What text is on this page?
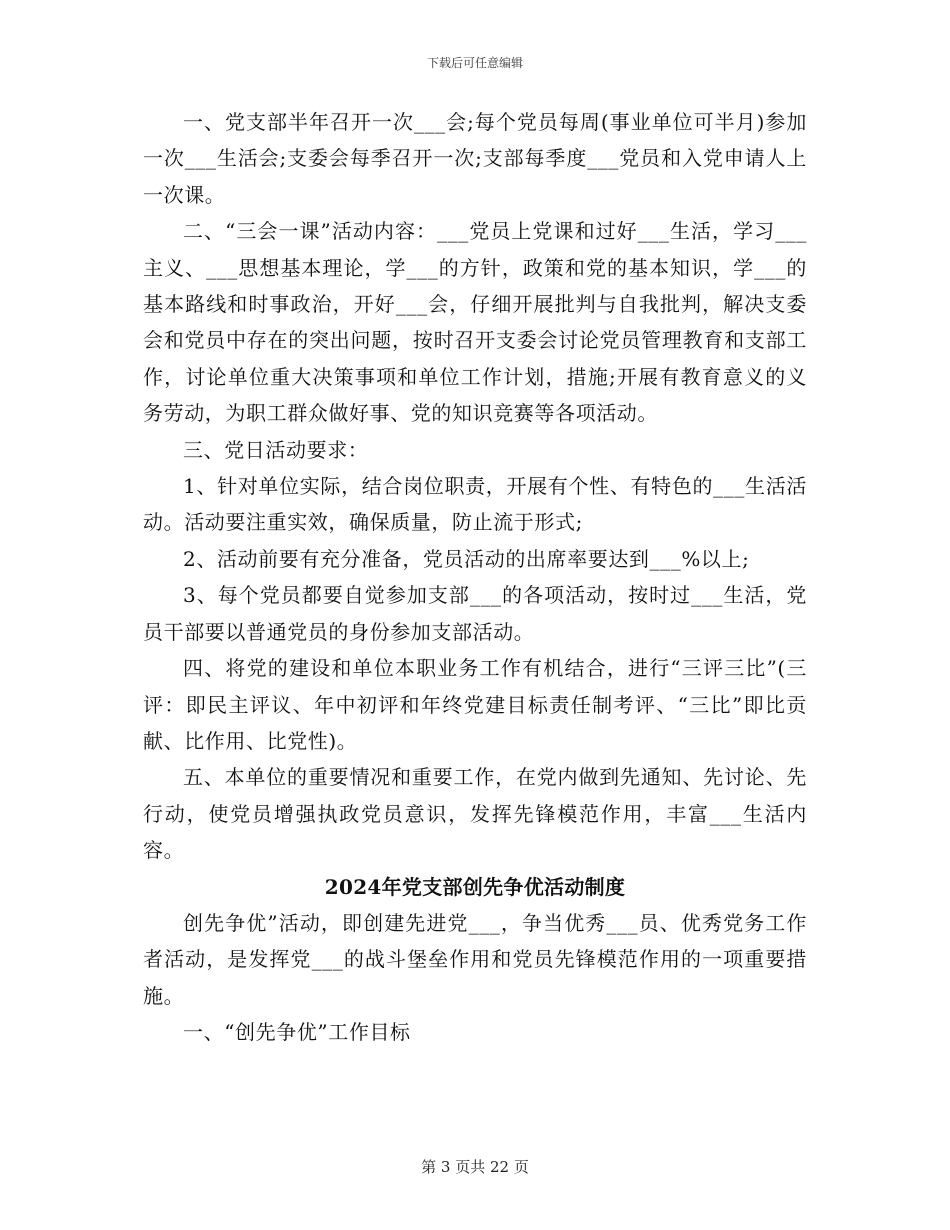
下载后可任意编辑

一、党支部半年召开一次___会;每个党员每周(事业单位可半月)参加一次___生活会;支委会每季召开一次;支部每季度___党员和入党申请人上一次课。

二、“三会一课”活动内容：___党员上党课和过好___生活，学习___主义、___思想基本理论，学___的方针，政策和党的基本知识，学___的基本路线和时事政治，开好___会，仔细开展批判与自我批判，解决支委会和党员中存在的突出问题，按时召开支委会讨论党员管理教育和支部工作，讨论单位重大决策事项和单位工作计划，措施;开展有教育意义的义务劳动，为职工群众做好事、党的知识竞赛等各项活动。

三、党日活动要求：

1、针对单位实际，结合岗位职责，开展有个性、有特色的___生活活动。活动要注重实效，确保质量，防止流于形式;

2、活动前要有充分准备，党员活动的出席率要达到___%以上;

3、每个党员都要自觉参加支部___的各项活动，按时过___生活，党员干部要以普通党员的身份参加支部活动。

四、将党的建设和单位本职业务工作有机结合，进行“三评三比”(三评：即民主评议、年中初评和年终党建目标责任制考评、“三比”即比贡献、比作用、比党性)。

五、本单位的重要情况和重要工作，在党内做到先通知、先讨论、先行动，使党员增强执政党员意识，发挥先锋模范作用，丰富___生活内容。

2024年党支部创先争优活动制度

创先争优”活动，即创建先进党___，争当优秀___员、优秀党务工作者活动，是发挥党___的战斗堡垒作用和党员先锋模范作用的一项重要措施。

一、“创先争优”工作目标

第 3 页共 22 页
